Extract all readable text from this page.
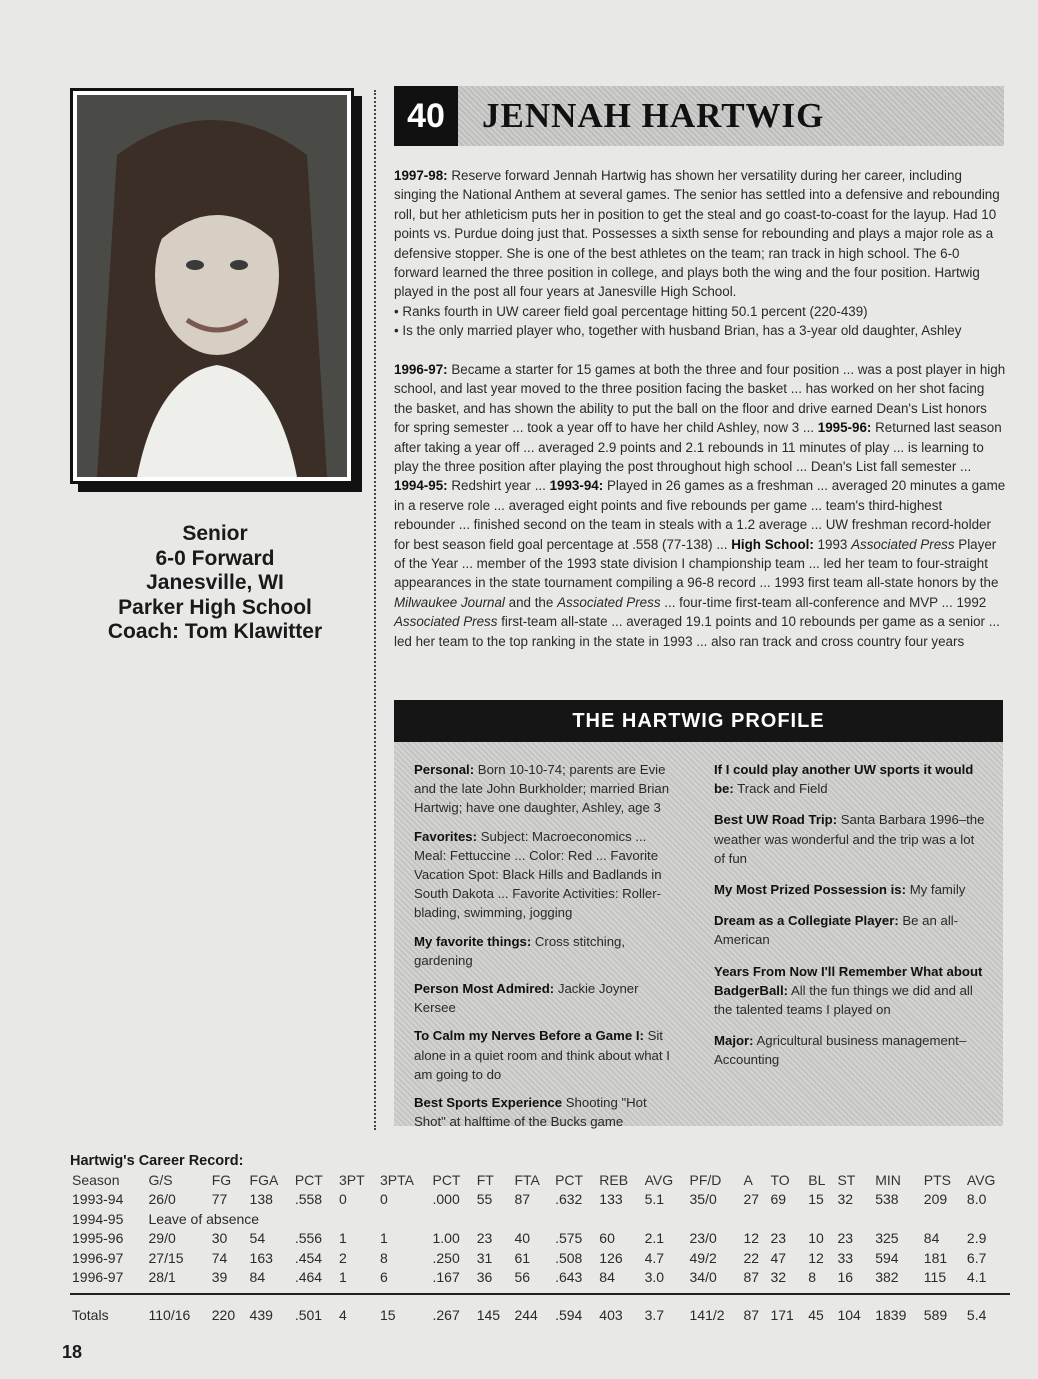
Senior
6-0 Forward
Janesville, WI
Parker High School
Coach: Tom Klawitter
40	JENNAH HARTWIG

1997-98: Reserve forward Jennah Hartwig has shown her versatility during her career, including singing the National Anthem at several games. The senior has settled into a defensive and rebounding roll, but her athleticism puts her in position to get the steal and go coast-to-coast for the layup. Had 10 points vs. Purdue doing just that. Possesses a sixth sense for rebounding and plays a major role as a defensive stopper. She is one of the best athletes on the team; ran track in high school. The 6-0 forward learned the three position in college, and plays both the wing and the four position. Hartwig played in the post all four years at Janesville High School.

• Ranks fourth in UW career field goal percentage hitting 50.1 percent (220-439)

• Is the only married player who, together with husband Brian, has a 3-year old daughter, Ashley

1996-97: Became a starter for 15 games at both the three and four position ... was a post player in high school, and last year moved to the three position facing the basket ... has worked on her shot facing the basket, and has shown the ability to put the ball on the floor and drive earned Dean's List honors for spring semester ... took a year off to have her child Ashley, now 3 ... 1995-96: Returned last season after taking a year off ... averaged 2.9 points and 2.1 rebounds in 11 minutes of play ... is learning to play the three position after playing the post throughout high school ... Dean's List fall semester ... 1994-95: Redshirt year ... 1993-94: Played in 26 games as a freshman ... averaged 20 minutes a game in a reserve role ... averaged eight points and five rebounds per game ... team's third-highest rebounder ... finished second on the team in steals with a 1.2 average ... UW freshman record-holder for best season field goal percentage at .558 (77-138) ... High School: 1993 Associated Press Player of the Year ... member of the 1993 state division I championship team ... led her team to four-straight appearances in the state tournament compiling a 96-8 record ... 1993 first team all-state honors by the Milwaukee Journal and the Associated Press ... four-time first-team all-conference and MVP ... 1992 Associated Press first-team all-state ... averaged 19.1 points and 10 rebounds per game as a senior ... led her team to the top ranking in the state in 1993 ... also ran track and cross country four years

THE HARTWIG PROFILE
Personal: Born 10-10-74; parents are Evie and the late John Burkholder; married Brian Hartwig; have one daughter, Ashley, age 3
Favorites: Subject: Macroeconomics ... Meal: Fettuccine ... Color: Red ... Favorite Vacation Spot: Black Hills and Badlands in South Dakota ... Favorite Activities: Roller-blading, swimming, jogging
My favorite things: Cross stitching, gardening
Person Most Admired: Jackie Joyner Kersee
To Calm my Nerves Before a Game I: Sit alone in a quiet room and think about what I am going to do
Best Sports Experience Shooting "Hot Shot" at halftime of the Bucks game
If I could play another UW sports it would be: Track and Field
Best UW Road Trip: Santa Barbara 1996–the weather was wonderful and the trip was a lot of fun
My Most Prized Possession is: My family
Dream as a Collegiate Player: Be an all-American
Years From Now I'll Remember What about BadgerBall: All the fun things we did and all the talented teams I played on
Major: Agricultural business management–Accounting
Hartwig's Career Record:
Season	G/S	FG	FGA	PCT	3PT	3PTA	PCT	FT	FTA	PCT	REB	AVG	PF/D	A	TO	BL	ST	MIN	PTS	AVG
1993-94	26/0	77	138	.558	0	0	.000	55	87	.632	133	5.1	35/0	27	69	15	32	538	209	8.0
1994-95	Leave of absence																			
1995-96	29/0	30	54	.556	1	1	1.00	23	40	.575	60	2.1	23/0	12	23	10	23	325	84	2.9
1996-97	27/15	74	163	.454	2	8	.250	31	61	.508	126	4.7	49/2	22	47	12	33	594	181	6.7
1996-97	28/1	39	84	.464	1	6	.167	36	56	.643	84	3.0	34/0	87	32	8	16	382	115	4.1

Totals	110/16	220	439	.501	4	15	.267	145	244	.594	403	3.7	141/2	87	171	45	104	1839	589	5.4
18
